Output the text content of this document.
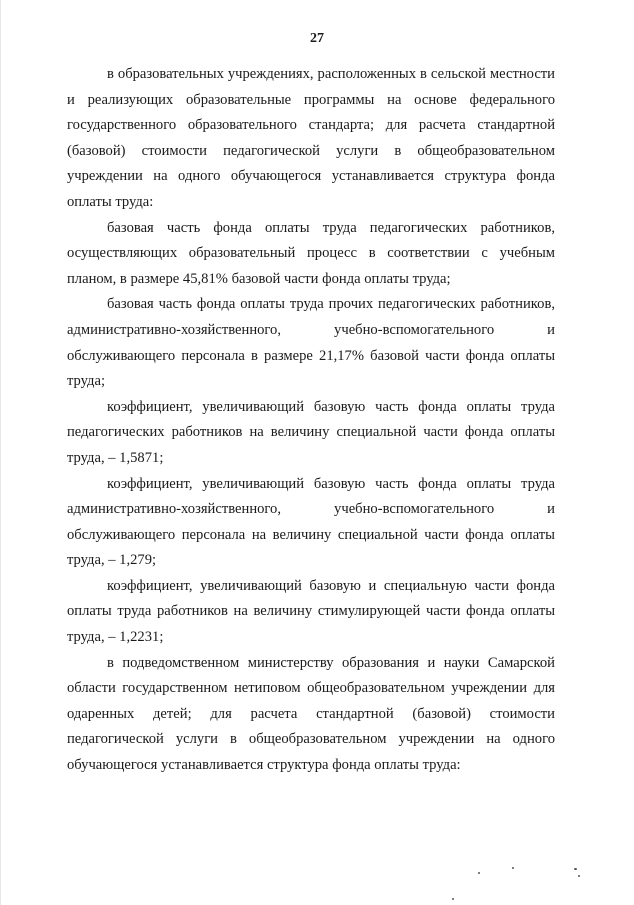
27

в образовательных учреждениях, расположенных в сельской местности и реализующих образовательные программы на основе федерального государственного образовательного стандарта; для расчета стандартной (базовой) стоимости педагогической услуги в общеобразовательном учреждении на одного обучающегося устанавливается структура фонда оплаты труда:

базовая часть фонда оплаты труда педагогических работников, осуществляющих образовательный процесс в соответствии с учебным планом, в размере 45,81% базовой части фонда оплаты труда;

базовая часть фонда оплаты труда прочих педагогических работников, административно-хозяйственного, учебно-вспомогательного и обслуживающего персонала в размере 21,17% базовой части фонда оплаты труда;

коэффициент, увеличивающий базовую часть фонда оплаты труда педагогических работников на величину специальной части фонда оплаты труда, – 1,5871;

коэффициент, увеличивающий базовую часть фонда оплаты труда административно-хозяйственного, учебно-вспомогательного и обслуживающего персонала на величину специальной части фонда оплаты труда, – 1,279;

коэффициент, увеличивающий базовую и специальную части фонда оплаты труда работников на величину стимулирующей части фонда оплаты труда, – 1,2231;

в подведомственном министерству образования и науки Самарской области государственном нетиповом общеобразовательном учреждении для одаренных детей; для расчета стандартной (базовой) стоимости педагогической услуги в общеобразовательном учреждении на одного обучающегося устанавливается структура фонда оплаты труда:
